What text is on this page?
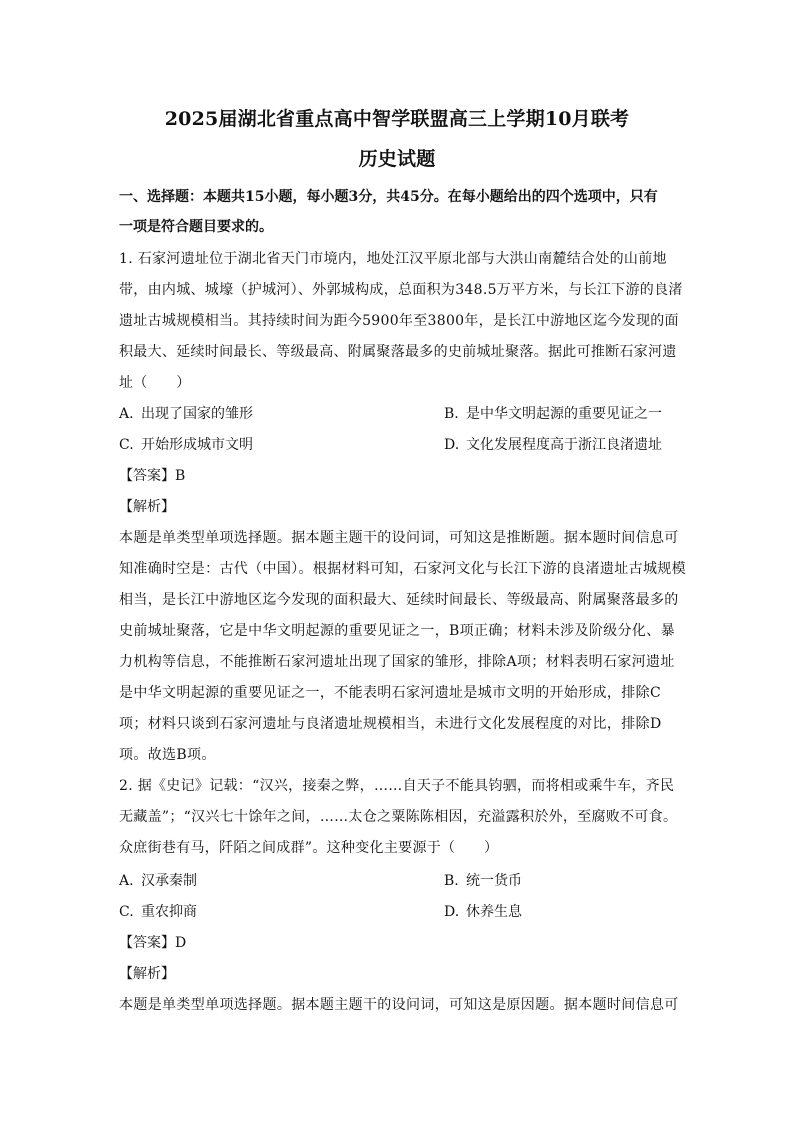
2025届湖北省重点高中智学联盟高三上学期10月联考
历史试题
一、选择题：本题共15小题，每小题3分，共45分。在每小题给出的四个选项中，只有
一项是符合题目要求的。
1. 石家河遗址位于湖北省天门市境内，地处江汉平原北部与大洪山南麓结合处的山前地
带，由内城、城壕（护城河）、外郭城构成，总面积为348.5万平方米，与长江下游的良渚
遗址古城规模相当。其持续时间为距今5900年至3800年，是长江中游地区迄今发现的面
积最大、延续时间最长、等级最高、附属聚落最多的史前城址聚落。据此可推断石家河遗
址（　　）
A. 出现了国家的雏形	B. 是中华文明起源的重要见证之一
C. 开始形成城市文明	D. 文化发展程度高于浙江良渚遗址
【答案】B
【解析】
本题是单类型单项选择题。据本题主题干的设问词，可知这是推断题。据本题时间信息可
知准确时空是：古代（中国）。根据材料可知，石家河文化与长江下游的良渚遗址古城规模
相当，是长江中游地区迄今发现的面积最大、延续时间最长、等级最高、附属聚落最多的
史前城址聚落，它是中华文明起源的重要见证之一，B项正确；材料未涉及阶级分化、暴
力机构等信息，不能推断石家河遗址出现了国家的雏形，排除A项；材料表明石家河遗址
是中华文明起源的重要见证之一，不能表明石家河遗址是城市文明的开始形成，排除C
项；材料只谈到石家河遗址与良渚遗址规模相当，未进行文化发展程度的对比，排除D
项。故选B项。
2. 据《史记》记载：“汉兴，接秦之弊，……自天子不能具钧驷，而将相或乘牛车，齐民
无藏盖”；“汉兴七十馀年之间，……太仓之粟陈陈相因，充溢露积於外，至腐败不可食。
众庶街巷有马，阡陌之间成群”。这种变化主要源于（　　）
A. 汉承秦制	B. 统一货币
C. 重农抑商	D. 休养生息
【答案】D
【解析】
本题是单类型单项选择题。据本题主题干的设问词，可知这是原因题。据本题时间信息可
